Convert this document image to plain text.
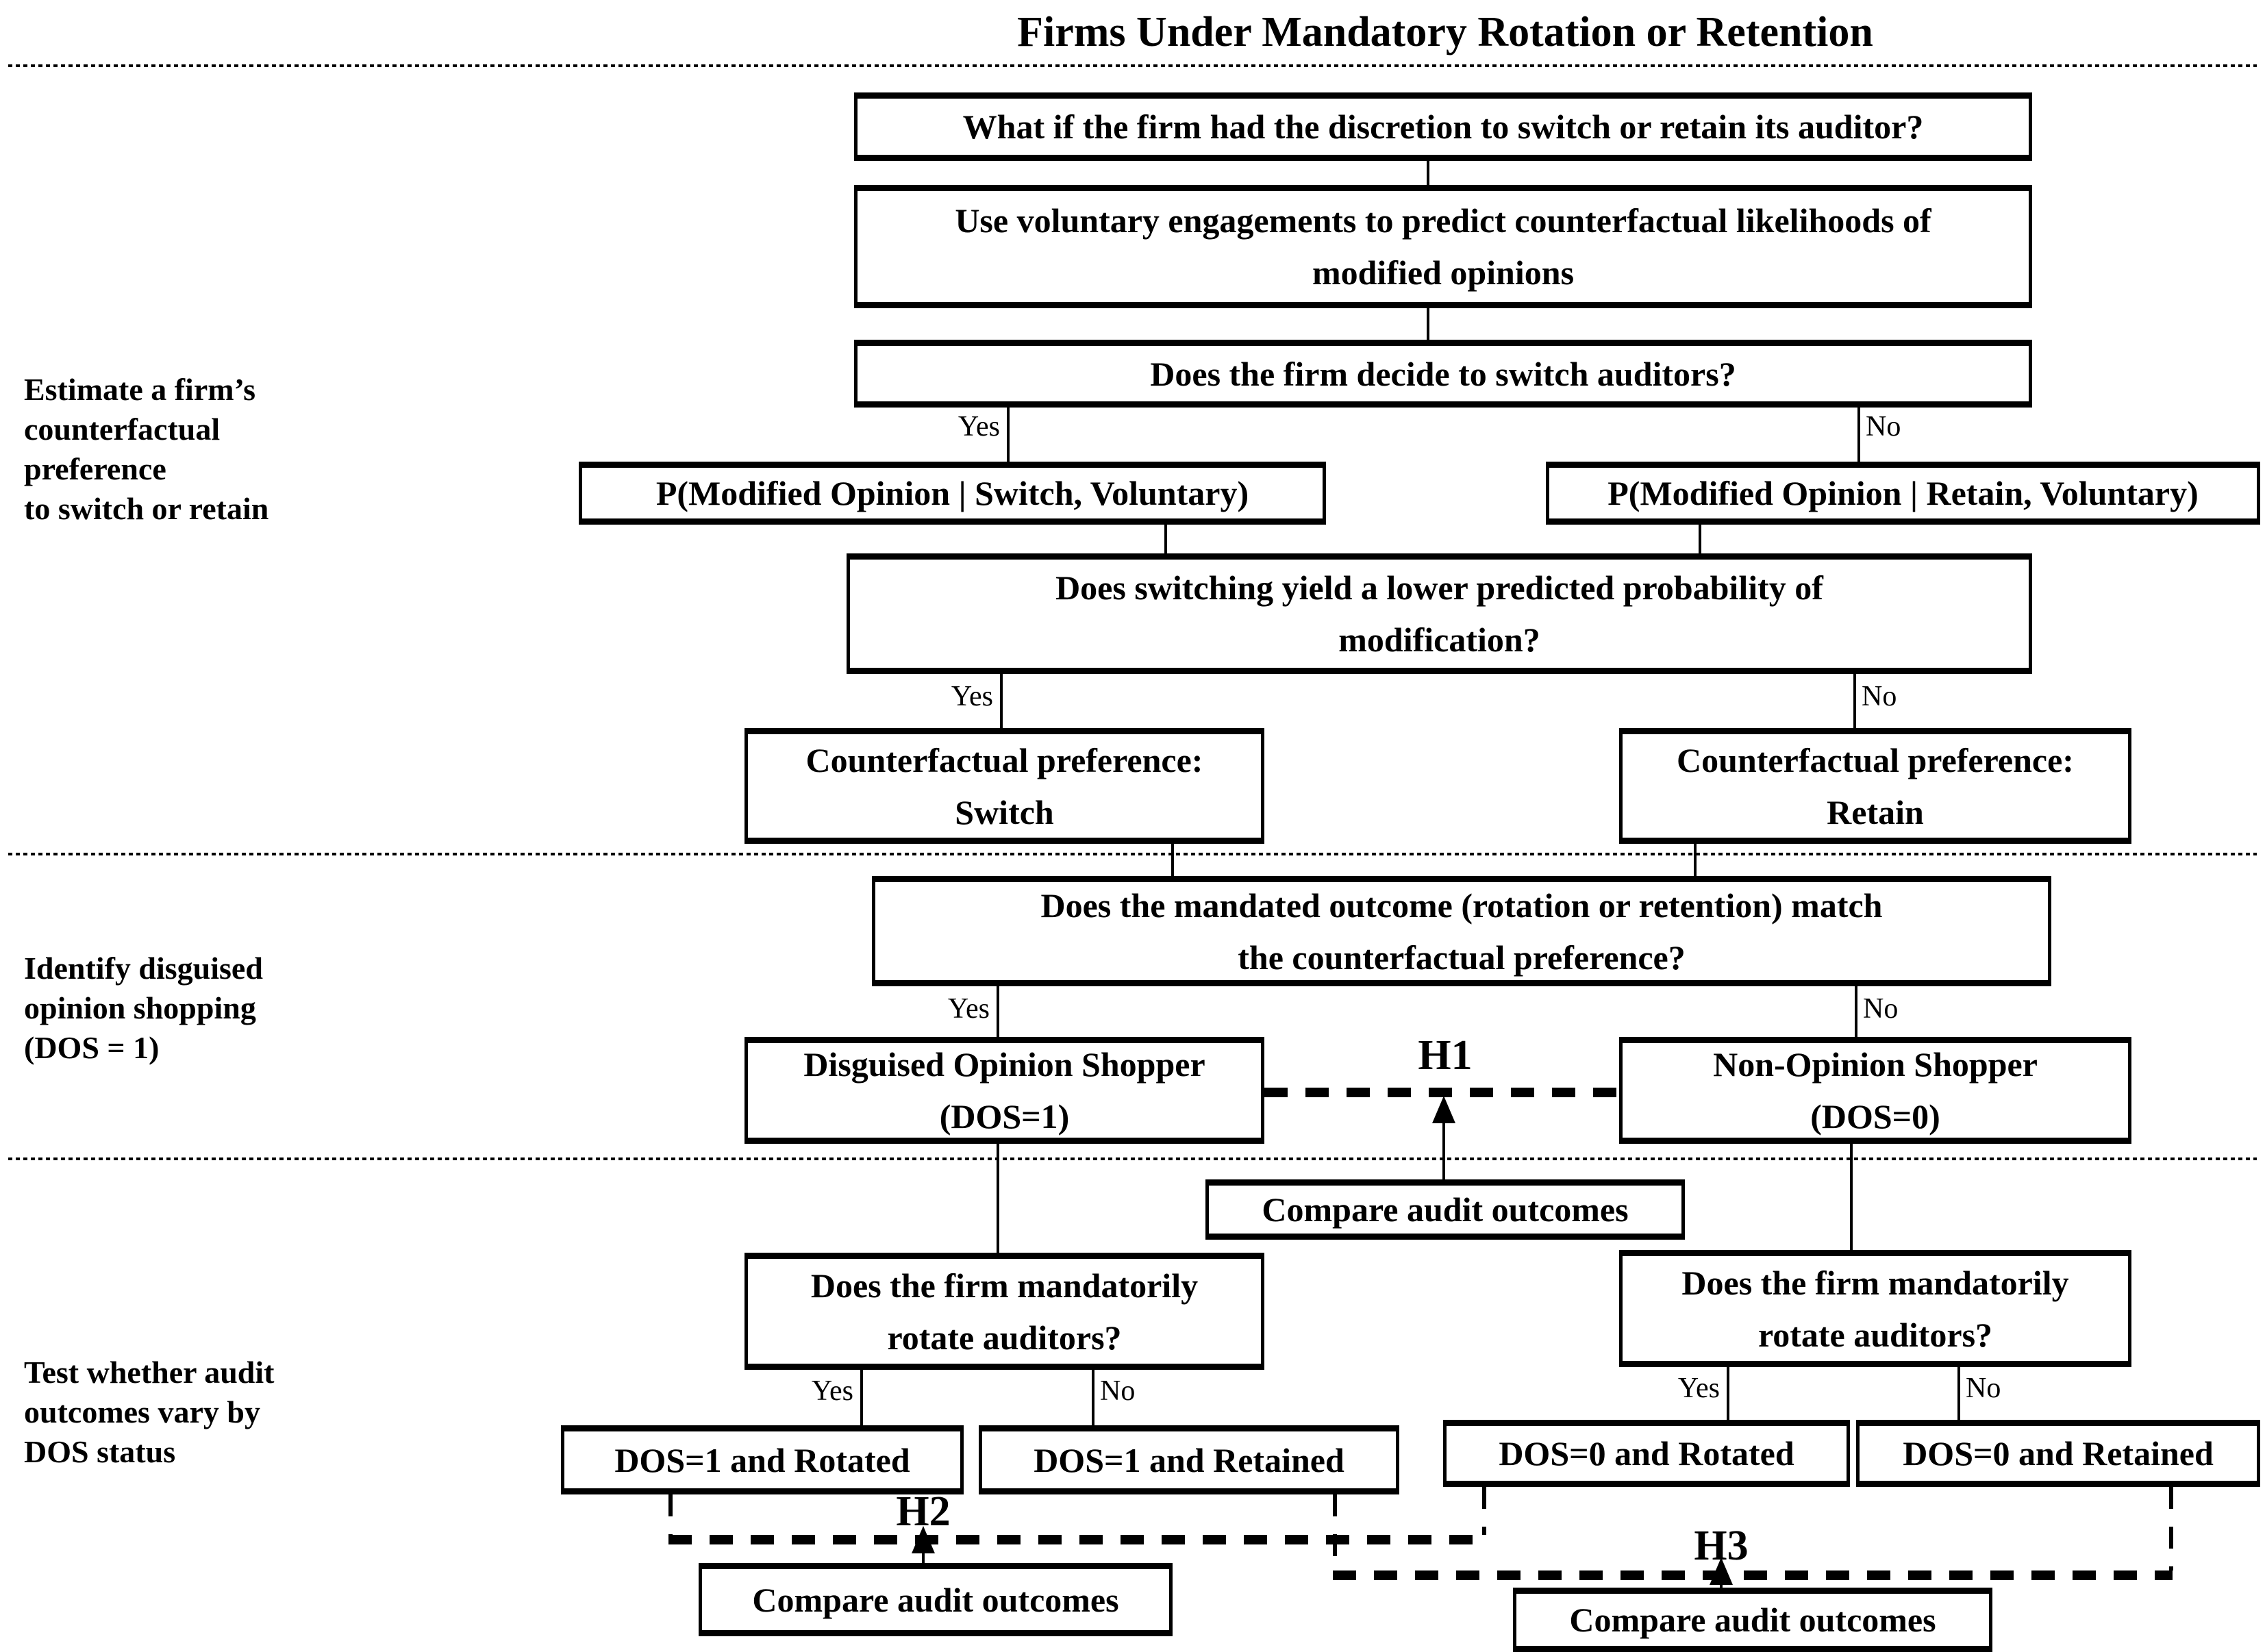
Firms Under Mandatory Rotation or Retention
Estimate a firm’s
counterfactual
preference
to switch or retain
Identify disguised
opinion shopping
(DOS = 1)
Test whether audit
outcomes vary by
DOS status
What if the firm had the discretion to switch or retain its auditor?
Use voluntary engagements to predict counterfactual likelihoods of
modified opinions
Does the firm decide to switch auditors?
P(Modified Opinion | Switch, Voluntary)	P(Modified Opinion | Retain, Voluntary)
Does switching yield a lower predicted probability of
modification?
Counterfactual preference:
Switch
Counterfactual preference:
Retain
Does the mandated outcome (rotation or retention) match
the counterfactual preference?
Disguised Opinion Shopper
(DOS=1)
Non-Opinion Shopper
(DOS=0)
Compare audit outcomes
Does the firm mandatorily
rotate auditors?
Does the firm mandatorily
rotate auditors?
DOS=1 and Rotated	DOS=1 and Retained	DOS=0 and Rotated	DOS=0 and Retained
Compare audit outcomes
Compare audit outcomes
Yes	No
Yes	No
Yes	No
Yes	No	Yes	No
H1
H2
H3
